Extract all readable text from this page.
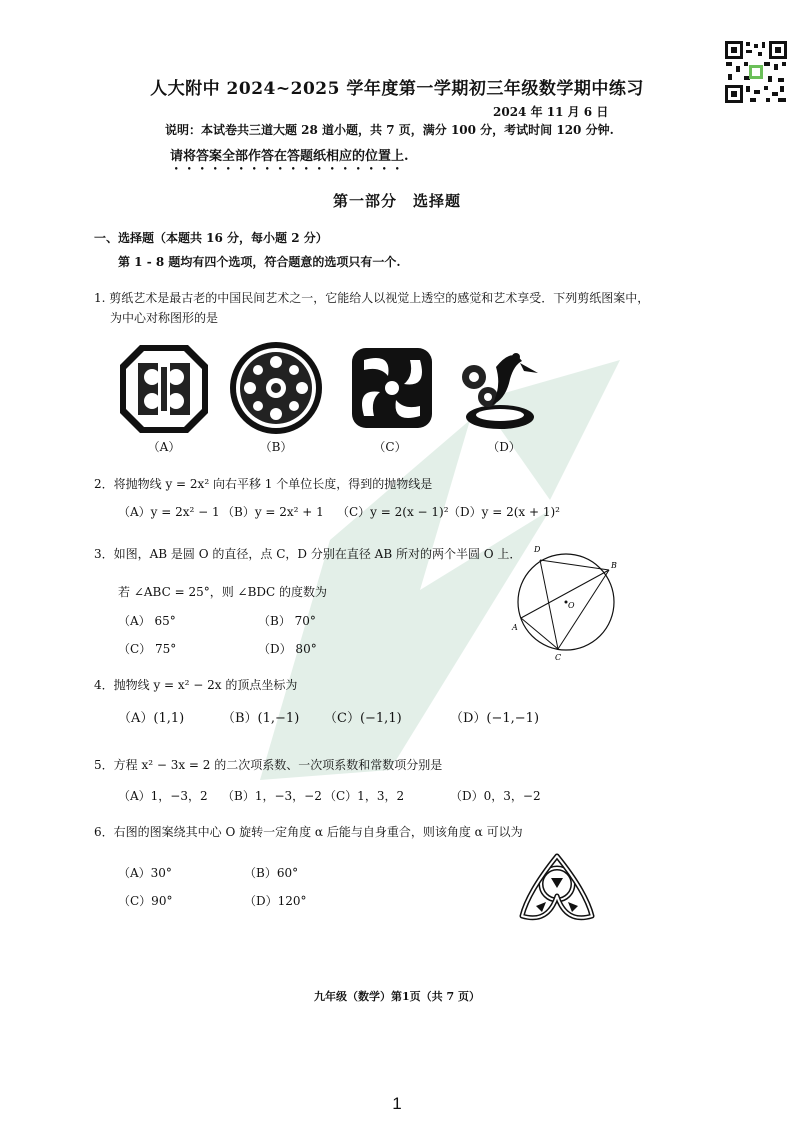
人大附中 2024~2025 学年度第一学期初三年级数学期中练习
2024 年 11 月 6 日
说明：本试卷共三道大题 28 道小题，共 7 页，满分 100 分，考试时间 120 分钟.
请将答案全部作答在答题纸相应的位置上.
第一部分　选择题
一、选择题（本题共 16 分，每小题 2 分）
第 1 - 8 题均有四个选项，符合题意的选项只有一个.
1. 剪纸艺术是最古老的中国民间艺术之一，它能给人以视觉上透空的感觉和艺术享受．下列剪纸图案中，
为中心对称图形的是
（A）	（B）	（C）	（D）
2．将抛物线 y = 2x² 向右平移 1 个单位长度，得到的抛物线是
（A）y = 2x² − 1 （B）y = 2x² + 1 （C）y = 2(x − 1)² （D）y = 2(x + 1)²
3．如图，AB 是圆 O 的直径，点 C，D 分别在直径 AB 所对的两个半圆 O 上．
若 ∠ABC = 25°，则 ∠BDC 的度数为
（A） 65°	（B） 70°
（C） 75°	（D） 80°
D
B
O
A
C
4．抛物线 y = x² − 2x 的顶点坐标为
（A）(1,1)	（B）(1,−1) （C）(−1,1)	（D）(−1,−1)
5．方程 x² − 3x = 2 的二次项系数、一次项系数和常数项分别是
（A）1，−3，2 （B）1，−3，−2 （C）1，3，2	（D）0，3，−2
6．右图的图案绕其中心 O 旋转一定角度 α 后能与自身重合，则该角度 α 可以为
（A）30°	（B）60°
（C）90°	（D）120°
九年级（数学）第1页（共 7 页）
1
